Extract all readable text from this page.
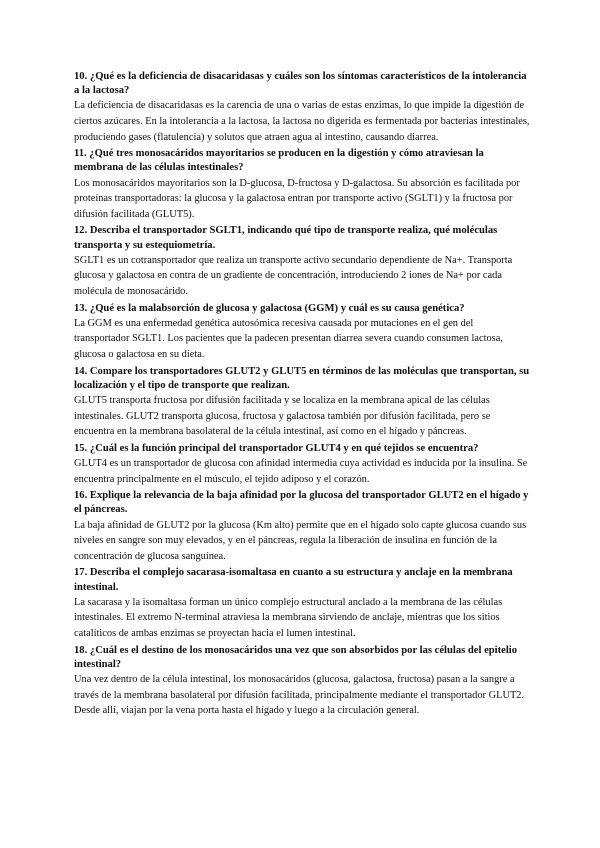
10. ¿Qué es la deficiencia de disacaridasas y cuáles son los síntomas característicos de la intolerancia a la lactosa?

La deficiencia de disacaridasas es la carencia de una o varias de estas enzimas, lo que impide la digestión de ciertos azúcares. En la intolerancia a la lactosa, la lactosa no digerida es fermentada por bacterias intestinales, produciendo gases (flatulencia) y solutos que atraen agua al intestino, causando diarrea.

11. ¿Qué tres monosacáridos mayoritarios se producen en la digestión y cómo atraviesan la membrana de las células intestinales?

Los monosacáridos mayoritarios son la D-glucosa, D-fructosa y D-galactosa. Su absorción es facilitada por proteínas transportadoras: la glucosa y la galactosa entran por transporte activo (SGLT1) y la fructosa por difusión facilitada (GLUT5).

12. Describa el transportador SGLT1, indicando qué tipo de transporte realiza, qué moléculas transporta y su estequiometría.

SGLT1 es un cotransportador que realiza un transporte activo secundario dependiente de Na+. Transporta glucosa y galactosa en contra de un gradiente de concentración, introduciendo 2 iones de Na+ por cada molécula de monosacárido.

13. ¿Qué es la malabsorción de glucosa y galactosa (GGM) y cuál es su causa genética?

La GGM es una enfermedad genética autosómica recesiva causada por mutaciones en el gen del transportador SGLT1. Los pacientes que la padecen presentan diarrea severa cuando consumen lactosa, glucosa o galactosa en su dieta.

14. Compare los transportadores GLUT2 y GLUT5 en términos de las moléculas que transportan, su localización y el tipo de transporte que realizan.

GLUT5 transporta fructosa por difusión facilitada y se localiza en la membrana apical de las células intestinales. GLUT2 transporta glucosa, fructosa y galactosa también por difusión facilitada, pero se encuentra en la membrana basolateral de la célula intestinal, así como en el hígado y páncreas.

15. ¿Cuál es la función principal del transportador GLUT4 y en qué tejidos se encuentra?

GLUT4 es un transportador de glucosa con afinidad intermedia cuya actividad es inducida por la insulina. Se encuentra principalmente en el músculo, el tejido adiposo y el corazón.

16. Explique la relevancia de la baja afinidad por la glucosa del transportador GLUT2 en el hígado y el páncreas.

La baja afinidad de GLUT2 por la glucosa (Km alto) permite que en el hígado solo capte glucosa cuando sus niveles en sangre son muy elevados, y en el páncreas, regula la liberación de insulina en función de la concentración de glucosa sanguínea.

17. Describa el complejo sacarasa-isomaltasa en cuanto a su estructura y anclaje en la membrana intestinal.

La sacarasa y la isomaltasa forman un único complejo estructural anclado a la membrana de las células intestinales. El extremo N-terminal atraviesa la membrana sirviendo de anclaje, mientras que los sitios catalíticos de ambas enzimas se proyectan hacia el lumen intestinal.

18. ¿Cuál es el destino de los monosacáridos una vez que son absorbidos por las células del epitelio intestinal?

Una vez dentro de la célula intestinal, los monosacáridos (glucosa, galactosa, fructosa) pasan a la sangre a través de la membrana basolateral por difusión facilitada, principalmente mediante el transportador GLUT2. Desde allí, viajan por la vena porta hasta el hígado y luego a la circulación general.
